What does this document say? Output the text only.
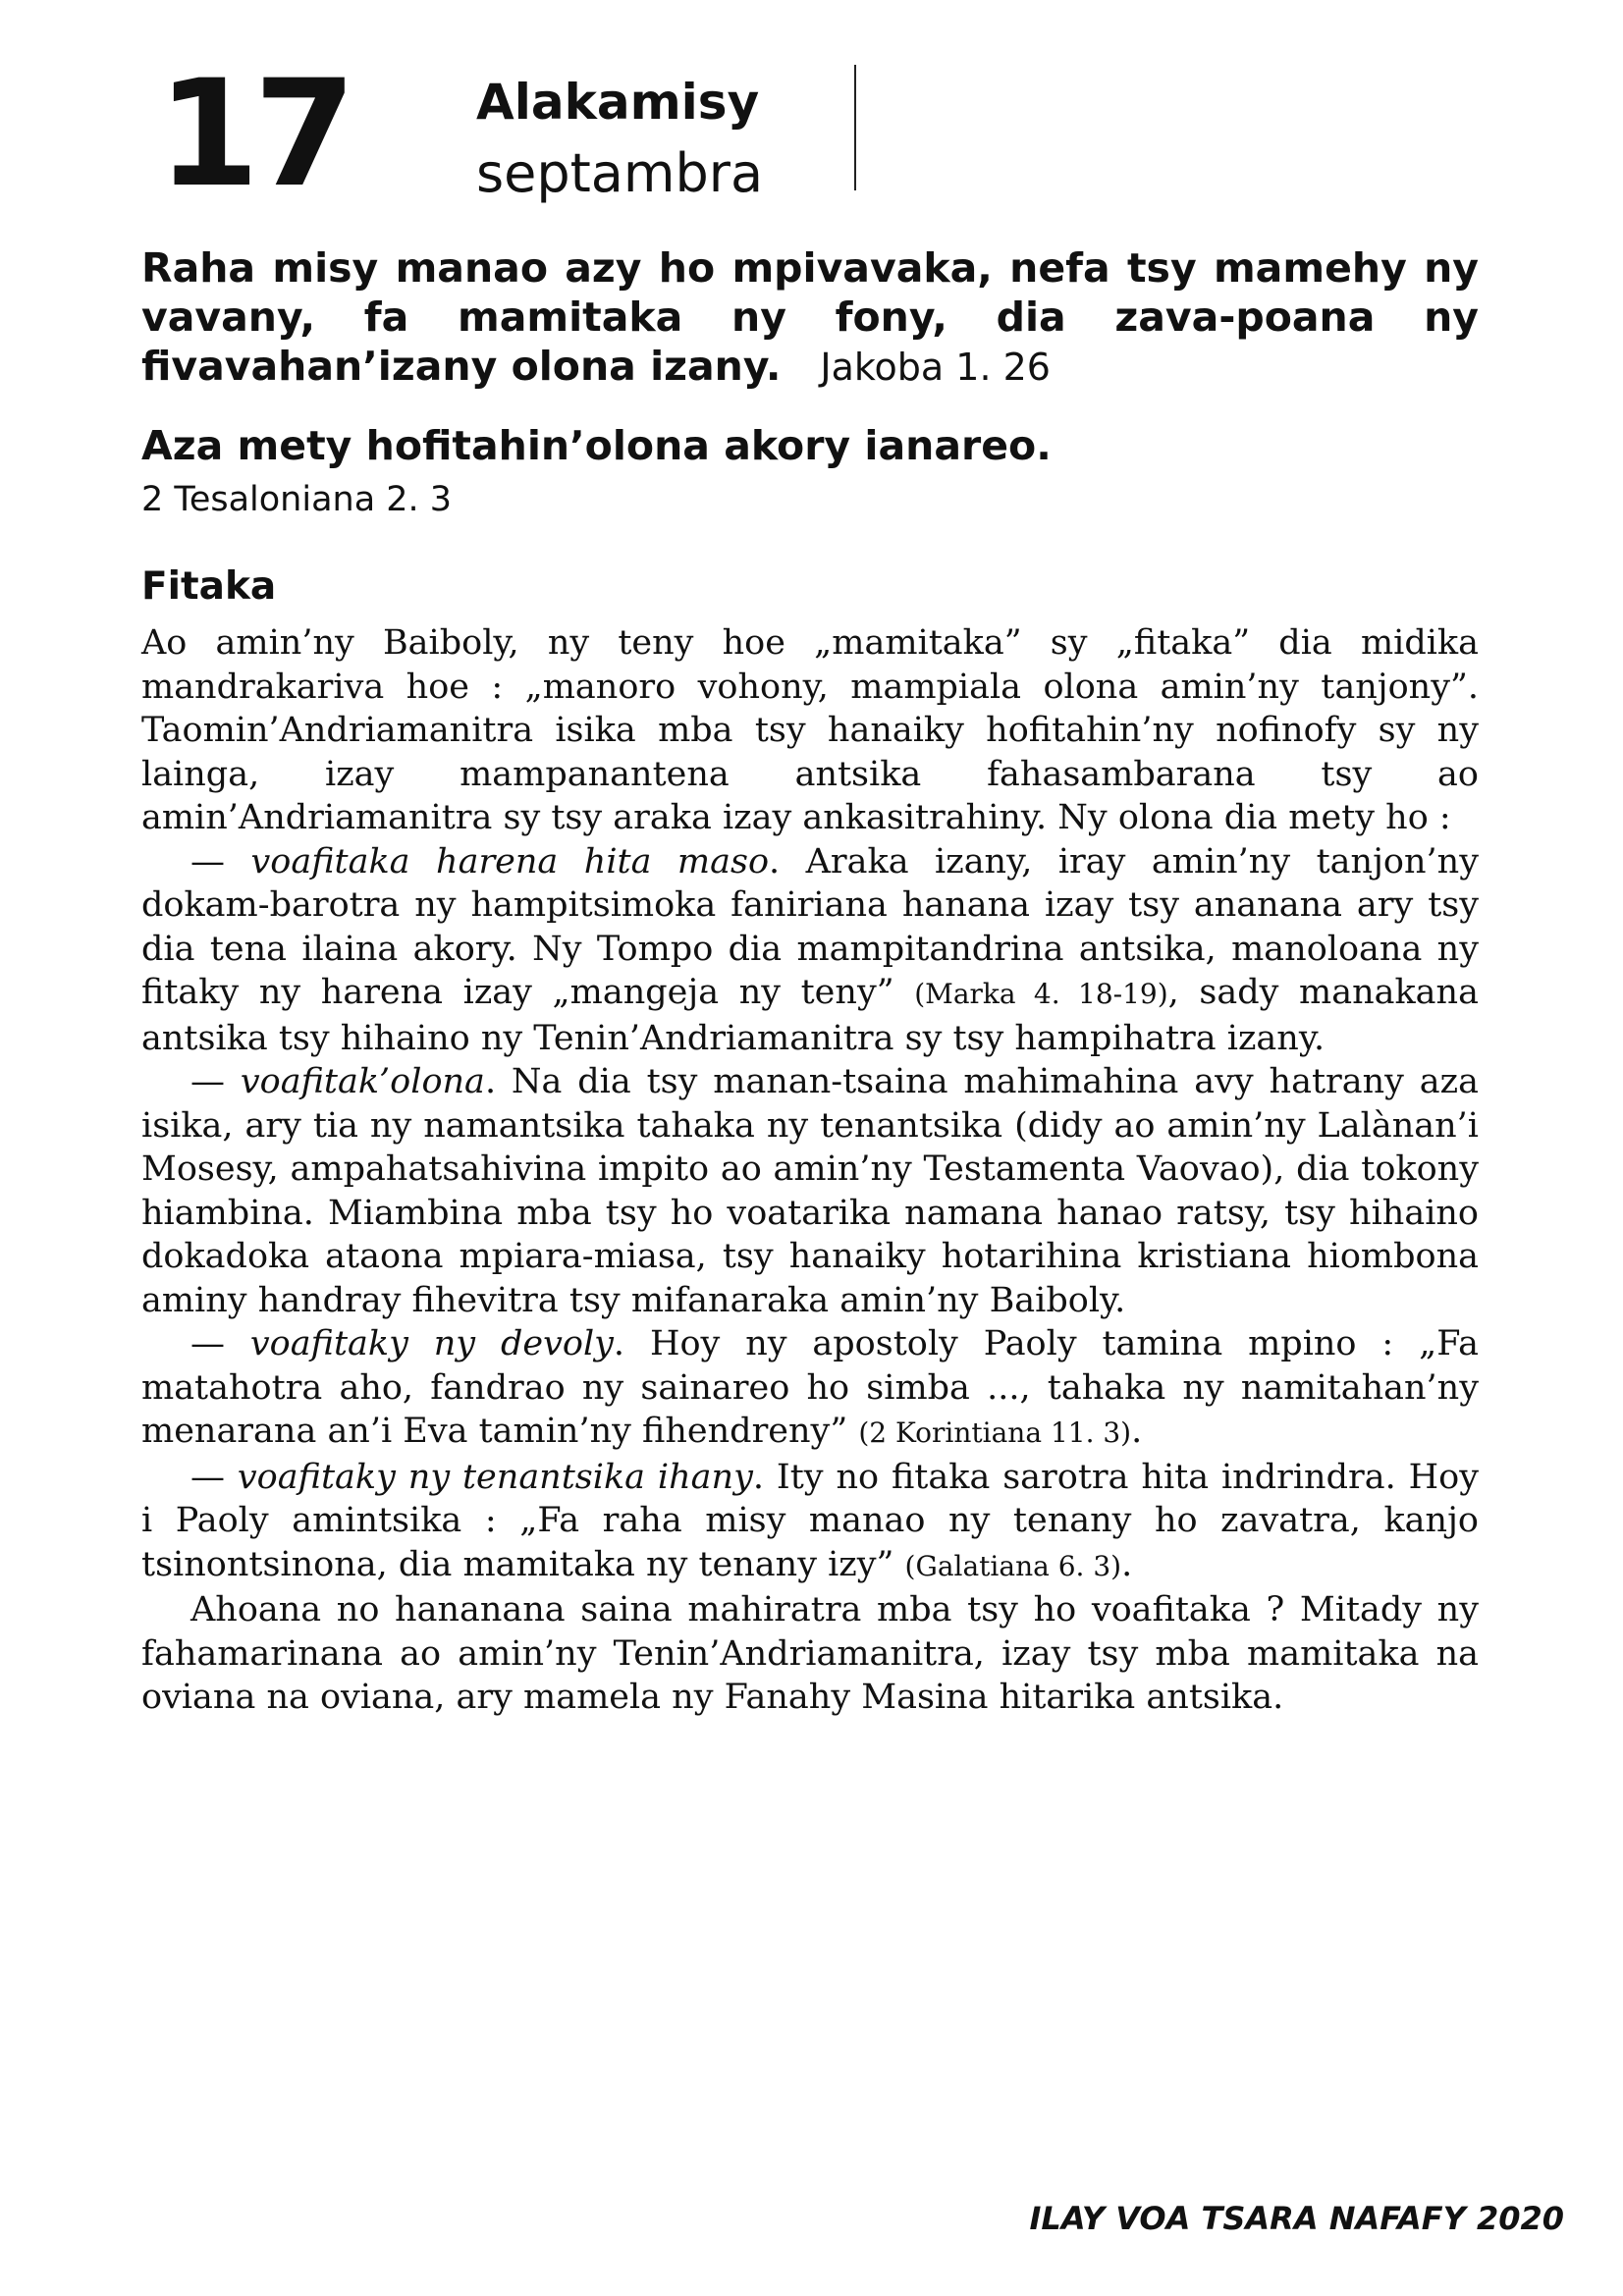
17	Alakamisy
septambra
Raha misy manao azy ho mpivavaka, nefa tsy mamehy ny vavany, fa mamitaka ny fony, dia zava-poana ny fivavahan’izany olona izany. Jakoba 1. 26
Aza mety hofitahin’olona akory ianareo.
2 Tesaloniana 2. 3
Fitaka

Ao amin’ny Baiboly, ny teny hoe „mamitaka” sy „fitaka” dia midika mandrakariva hoe : „manoro vohony, mampiala olona amin’ny tanjony”. Taomin’Andriamanitra isika mba tsy hanaiky hofitahin’ny nofinofy sy ny lainga, izay mampanantena antsika fahasambarana tsy ao amin’Andriamanitra sy tsy araka izay ankasitrahiny. Ny olona dia mety ho :

— voafitaka harena hita maso. Araka izany, iray amin’ny tanjon’ny dokam-barotra ny hampitsimoka faniriana hanana izay tsy ananana ary tsy dia tena ilaina akory. Ny Tompo dia mampitandrina antsika, manoloana ny fitaky ny harena izay „mangeja ny teny” (Marka 4. 18-19), sady manakana antsika tsy hihaino ny Tenin’Andriamanitra sy tsy hampihatra izany.

— voafitak’olona. Na dia tsy manan-tsaina mahimahina avy hatrany aza isika, ary tia ny namantsika tahaka ny tenantsika (didy ao amin’ny Lalànan’i Mosesy, ampahatsahivina impito ao amin’ny Testamenta Vaovao), dia tokony hiambina. Miambina mba tsy ho voatarika namana hanao ratsy, tsy hihaino dokadoka ataona mpiara-miasa, tsy hanaiky hotarihina kristiana hiombona aminy handray fihevitra tsy mifanaraka amin’ny Baiboly.

— voafitaky ny devoly. Hoy ny apostoly Paoly tamina mpino : „Fa matahotra aho, fandrao ny sainareo ho simba ..., tahaka ny namitahan’ny menarana an’i Eva tamin’ny fihendreny” (2 Korintiana 11. 3).

— voafitaky ny tenantsika ihany. Ity no fitaka sarotra hita indrindra. Hoy i Paoly amintsika : „Fa raha misy manao ny tenany ho zavatra, kanjo tsinontsinona, dia mamitaka ny tenany izy” (Galatiana 6. 3).

Ahoana no hananana saina mahiratra mba tsy ho voafitaka ? Mitady ny fahamarinana ao amin’ny Tenin’Andriamanitra, izay tsy mba mamitaka na oviana na oviana, ary mamela ny Fanahy Masina hitarika antsika.

ILAY VOA TSARA NAFAFY 2020
